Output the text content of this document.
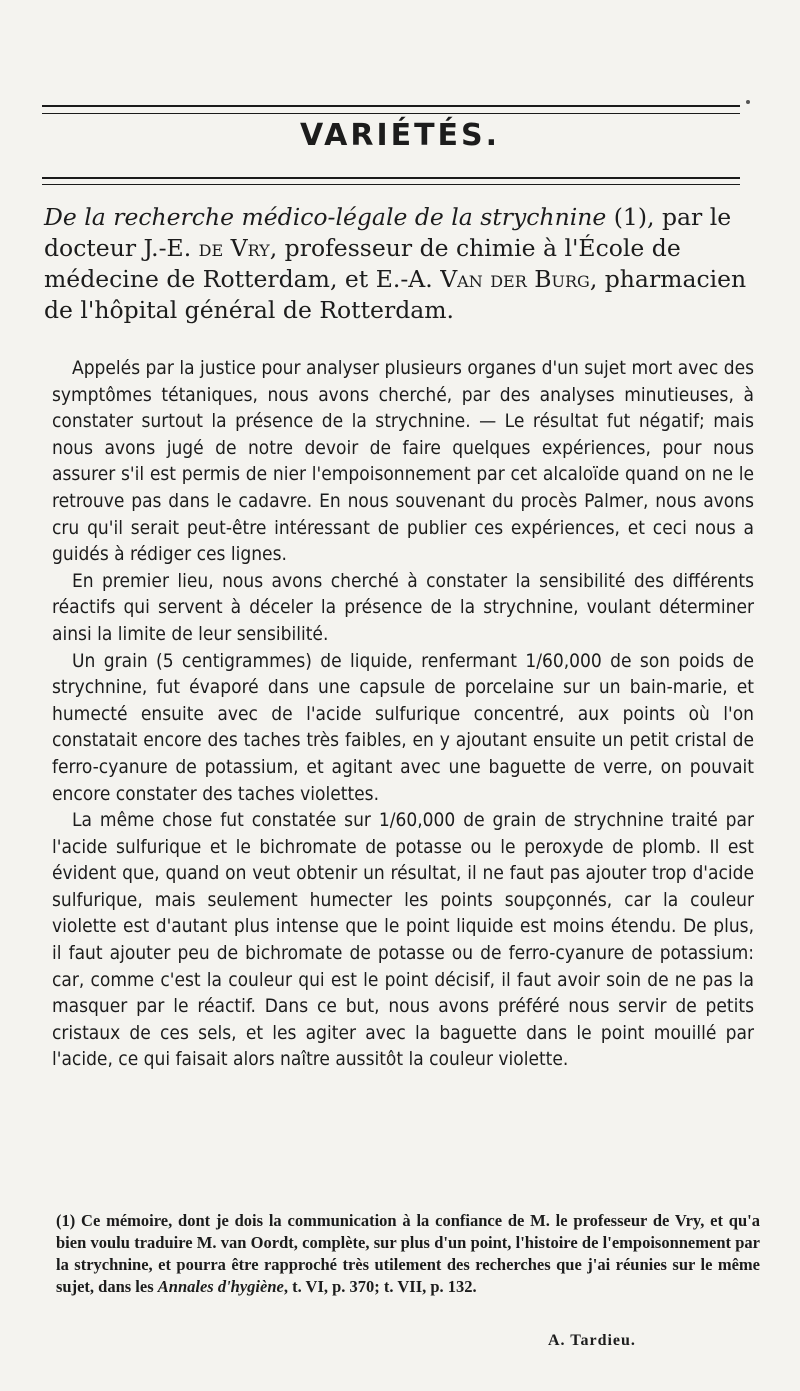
VARIÉTÉS.
De la recherche médico-légale de la strychnine (1), par le docteur J.-E. de Vry, professeur de chimie à l'École de médecine de Rotterdam, et E.-A. Van der Burg, pharmacien de l'hôpital général de Rotterdam.

Appelés par la justice pour analyser plusieurs organes d'un sujet mort avec des symptômes tétaniques, nous avons cherché, par des analyses minutieuses, à constater surtout la présence de la strychnine. — Le résultat fut négatif; mais nous avons jugé de notre devoir de faire quelques expériences, pour nous assurer s'il est permis de nier l'empoisonnement par cet alcaloïde quand on ne le retrouve pas dans le cadavre. En nous souvenant du procès Palmer, nous avons cru qu'il serait peut-être intéressant de publier ces expériences, et ceci nous a guidés à rédiger ces lignes.

En premier lieu, nous avons cherché à constater la sensibilité des différents réactifs qui servent à déceler la présence de la strychnine, voulant déterminer ainsi la limite de leur sensibilité.

Un grain (5 centigrammes) de liquide, renfermant 1/60,000 de son poids de strychnine, fut évaporé dans une capsule de porcelaine sur un bain-marie, et humecté ensuite avec de l'acide sulfurique concentré, aux points où l'on constatait encore des taches très faibles, en y ajoutant ensuite un petit cristal de ferro-cyanure de potassium, et agitant avec une baguette de verre, on pouvait encore constater des taches violettes.

La même chose fut constatée sur 1/60,000 de grain de strychnine traité par l'acide sulfurique et le bichromate de potasse ou le peroxyde de plomb. Il est évident que, quand on veut obtenir un résultat, il ne faut pas ajouter trop d'acide sulfurique, mais seulement humecter les points soupçonnés, car la couleur violette est d'autant plus intense que le point liquide est moins étendu. De plus, il faut ajouter peu de bichromate de potasse ou de ferro-cyanure de potassium: car, comme c'est la couleur qui est le point décisif, il faut avoir soin de ne pas la masquer par le réactif. Dans ce but, nous avons préféré nous servir de petits cristaux de ces sels, et les agiter avec la baguette dans le point mouillé par l'acide, ce qui faisait alors naître aussitôt la couleur violette.

(1) Ce mémoire, dont je dois la communication à la confiance de M. le professeur de Vry, et qu'a bien voulu traduire M. van Oordt, complète, sur plus d'un point, l'histoire de l'empoisonnement par la strychnine, et pourra être rapproché très utilement des recherches que j'ai réunies sur le même sujet, dans les Annales d'hygiène, t. VI, p. 370; t. VII, p. 132.
A. Tardieu.
